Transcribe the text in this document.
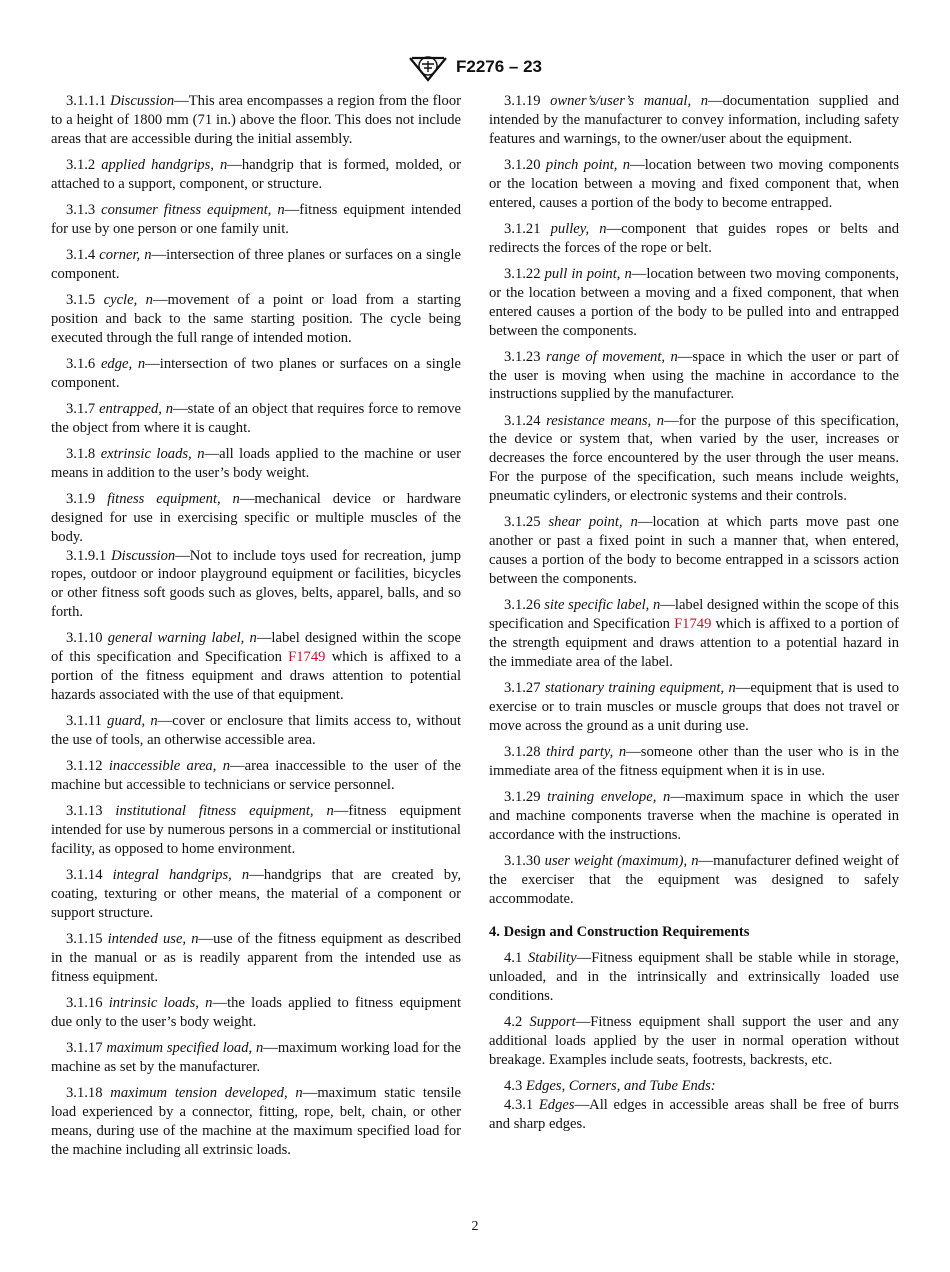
F2276 – 23

3.1.1.1 Discussion—This area encompasses a region from the floor to a height of 1800 mm (71 in.) above the floor. This does not include areas that are accessible during the initial assembly.

3.1.2 applied handgrips, n—handgrip that is formed, molded, or attached to a support, component, or structure.

3.1.3 consumer fitness equipment, n—fitness equipment intended for use by one person or one family unit.

3.1.4 corner, n—intersection of three planes or surfaces on a single component.

3.1.5 cycle, n—movement of a point or load from a starting position and back to the same starting position. The cycle being executed through the full range of intended motion.

3.1.6 edge, n—intersection of two planes or surfaces on a single component.

3.1.7 entrapped, n—state of an object that requires force to remove the object from where it is caught.

3.1.8 extrinsic loads, n—all loads applied to the machine or user means in addition to the user’s body weight.

3.1.9 fitness equipment, n—mechanical device or hardware designed for use in exercising specific or multiple muscles of the body.

3.1.9.1 Discussion—Not to include toys used for recreation, jump ropes, outdoor or indoor playground equipment or facilities, bicycles or other fitness soft goods such as gloves, belts, apparel, balls, and so forth.

3.1.10 general warning label, n—label designed within the scope of this specification and Specification F1749 which is affixed to a portion of the fitness equipment and draws attention to potential hazards associated with the use of that equipment.

3.1.11 guard, n—cover or enclosure that limits access to, without the use of tools, an otherwise accessible area.

3.1.12 inaccessible area, n—area inaccessible to the user of the machine but accessible to technicians or service personnel.

3.1.13 institutional fitness equipment, n—fitness equipment intended for use by numerous persons in a commercial or institutional facility, as opposed to home environment.

3.1.14 integral handgrips, n—handgrips that are created by, coating, texturing or other means, the material of a component or support structure.

3.1.15 intended use, n—use of the fitness equipment as described in the manual or as is readily apparent from the intended use as fitness equipment.

3.1.16 intrinsic loads, n—the loads applied to fitness equipment due only to the user’s body weight.

3.1.17 maximum specified load, n—maximum working load for the machine as set by the manufacturer.

3.1.18 maximum tension developed, n—maximum static tensile load experienced by a connector, fitting, rope, belt, chain, or other means, during use of the machine at the maximum specified load for the machine including all extrinsic loads.

3.1.19 owner’s/user’s manual, n—documentation supplied and intended by the manufacturer to convey information, including safety features and warnings, to the owner/user about the equipment.

3.1.20 pinch point, n—location between two moving components or the location between a moving and fixed component that, when entered, causes a portion of the body to become entrapped.

3.1.21 pulley, n—component that guides ropes or belts and redirects the forces of the rope or belt.

3.1.22 pull in point, n—location between two moving components, or the location between a moving and a fixed component, that when entered causes a portion of the body to be pulled into and entrapped between the components.

3.1.23 range of movement, n—space in which the user or part of the user is moving when using the machine in accordance to the instructions supplied by the manufacturer.

3.1.24 resistance means, n—for the purpose of this specification, the device or system that, when varied by the user, increases or decreases the force encountered by the user through the user means. For the purpose of the specification, such means include weights, pneumatic cylinders, or electronic systems and their controls.

3.1.25 shear point, n—location at which parts move past one another or past a fixed point in such a manner that, when entered, causes a portion of the body to become entrapped in a scissors action between the components.

3.1.26 site specific label, n—label designed within the scope of this specification and Specification F1749 which is affixed to a portion of the strength equipment and draws attention to a potential hazard in the immediate area of the label.

3.1.27 stationary training equipment, n—equipment that is used to exercise or to train muscles or muscle groups that does not travel or move across the ground as a unit during use.

3.1.28 third party, n—someone other than the user who is in the immediate area of the fitness equipment when it is in use.

3.1.29 training envelope, n—maximum space in which the user and machine components traverse when the machine is operated in accordance with the instructions.

3.1.30 user weight (maximum), n—manufacturer defined weight of the exerciser that the equipment was designed to safely accommodate.

4. Design and Construction Requirements

4.1 Stability—Fitness equipment shall be stable while in storage, unloaded, and in the intrinsically and extrinsically loaded use conditions.

4.2 Support—Fitness equipment shall support the user and any additional loads applied by the user in normal operation without breakage. Examples include seats, footrests, backrests, etc.

4.3 Edges, Corners, and Tube Ends:

4.3.1 Edges—All edges in accessible areas shall be free of burrs and sharp edges.

2
